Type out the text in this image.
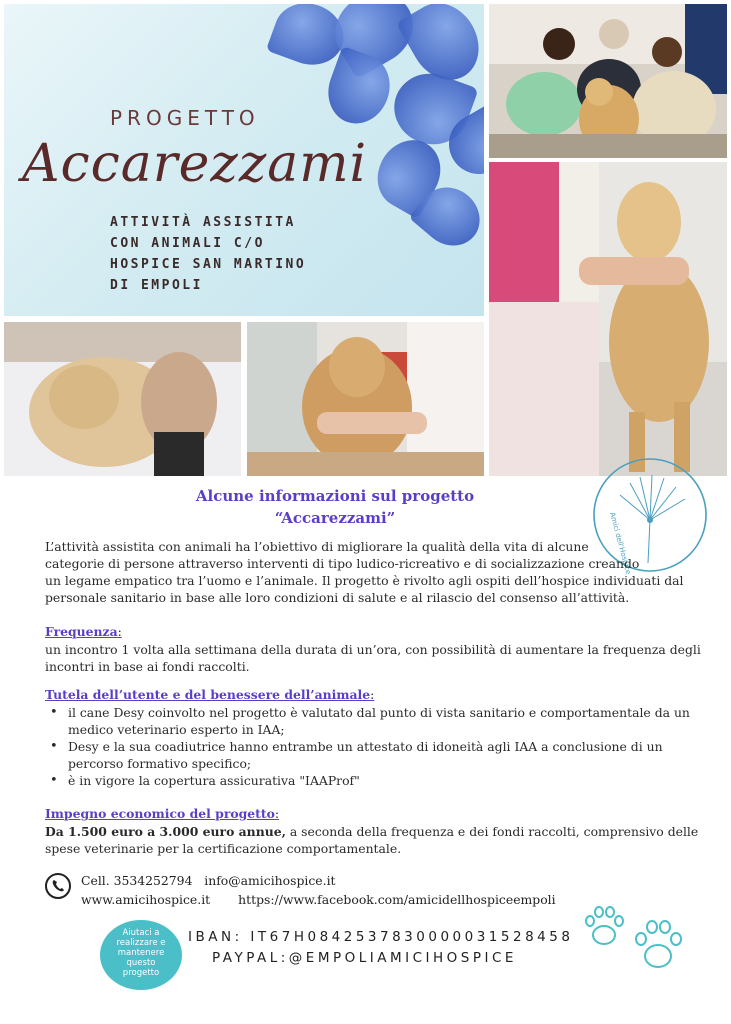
PROGETTO
Accarezzami
ATTIVITÀ ASSISTITA
CON ANIMALI C/O
HOSPICE SAN MARTINO
DI EMPOLI
Amici dell'Hospice | Empoli
Alcune informazioni sul progetto
“Accarezzami”
L’attività assistita con animali ha l’obiettivo di migliorare la qualità della vita di alcune
categorie di persone attraverso interventi di tipo ludico-ricreativo e di socializzazione creando
un legame empatico tra l’uomo e l’animale. Il progetto è rivolto agli ospiti dell’hospice individuati dal
personale sanitario in base alle loro condizioni di salute e al rilascio del consenso all’attività.
Frequenza:
un incontro 1 volta alla settimana della durata di un’ora, con possibilità di aumentare la frequenza degli
incontri in base ai fondi raccolti.
Tutela dell’utente e del benessere dell’animale:
• il cane Desy coinvolto nel progetto è valutato dal punto di vista sanitario e comportamentale da un
medico veterinario esperto in IAA;
• Desy e la sua coadiutrice hanno entrambe un attestato di idoneità agli IAA a conclusione di un
percorso formativo specifico;
• è in vigore la copertura assicurativa "IAAProf"
Impegno economico del progetto:
Da 1.500 euro a 3.000 euro annue, a seconda della frequenza e dei fondi raccolti, comprensivo delle
spese veterinarie per la certificazione comportamentale.
Cell. 3534252794 info@amicihospice.it
www.amicihospice.it https://www.facebook.com/amicidellhospiceempoli
Aiutaci a
realizzare e
mantenere
questo
progetto
IBAN: IT67H0842537830000031528458
PAYPAL:@EMPOLIAMICIHOSPICE
